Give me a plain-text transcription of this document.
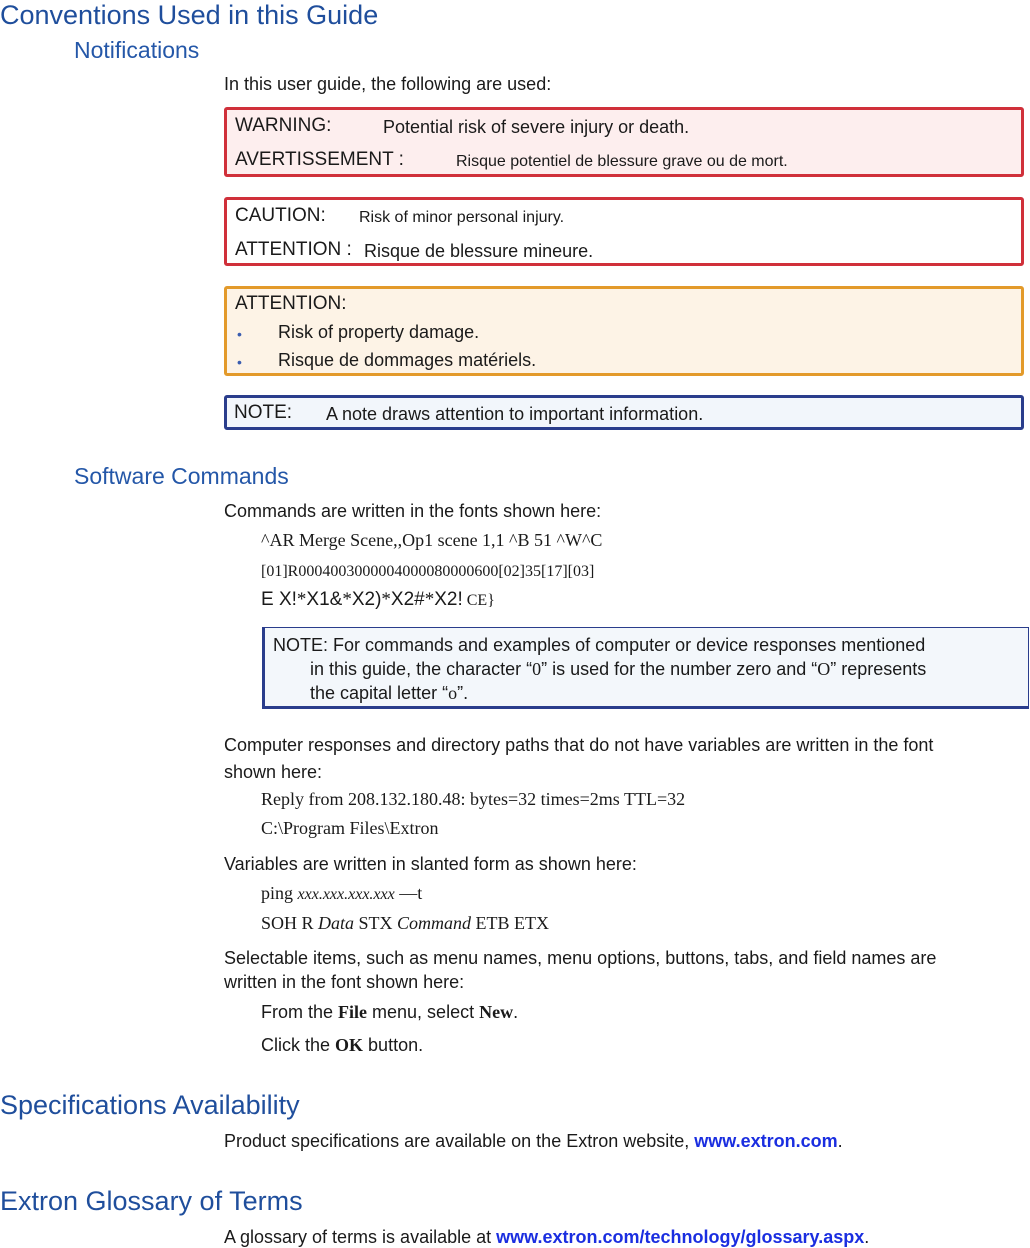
Conventions Used in this Guide
Notifications
In this user guide, the following are used:
WARNING:	Potential risk of severe injury or death.
AVERTISSEMENT :	Risque potentiel de blessure grave ou de mort.
CAUTION: Risk of minor personal injury.
ATTENTION : Risque de blessure mineure.
ATTENTION:
• Risk of property damage.
• Risque de dommages matériels.
NOTE: A note draws attention to important information.
Software Commands
Commands are written in the fonts shown here:
^AR Merge Scene,,Op1 scene 1,1 ^B 51 ^W^C
[01]R0004003000004000080000600[02]35[17][03]
E X!*X1&*X2)*X2#*X2! CE}
NOTE: For commands and examples of computer or device responses mentioned
in this guide, the character “0” is used for the number zero and “O” represents
the capital letter “o”.
Computer responses and directory paths that do not have variables are written in the font
shown here:
Reply from 208.132.180.48: bytes=32 times=2ms TTL=32
C:\Program Files\Extron
Variables are written in slanted form as shown here:
ping xxx.xxx.xxx.xxx —t
SOH R Data STX Command ETB ETX
Selectable items, such as menu names, menu options, buttons, tabs, and field names are
written in the font shown here:
From the File menu, select New.
Click the OK button.
Specifications Availability
Product specifications are available on the Extron website, www.extron.com.
Extron Glossary of Terms
A glossary of terms is available at www.extron.com/technology/glossary.aspx.
